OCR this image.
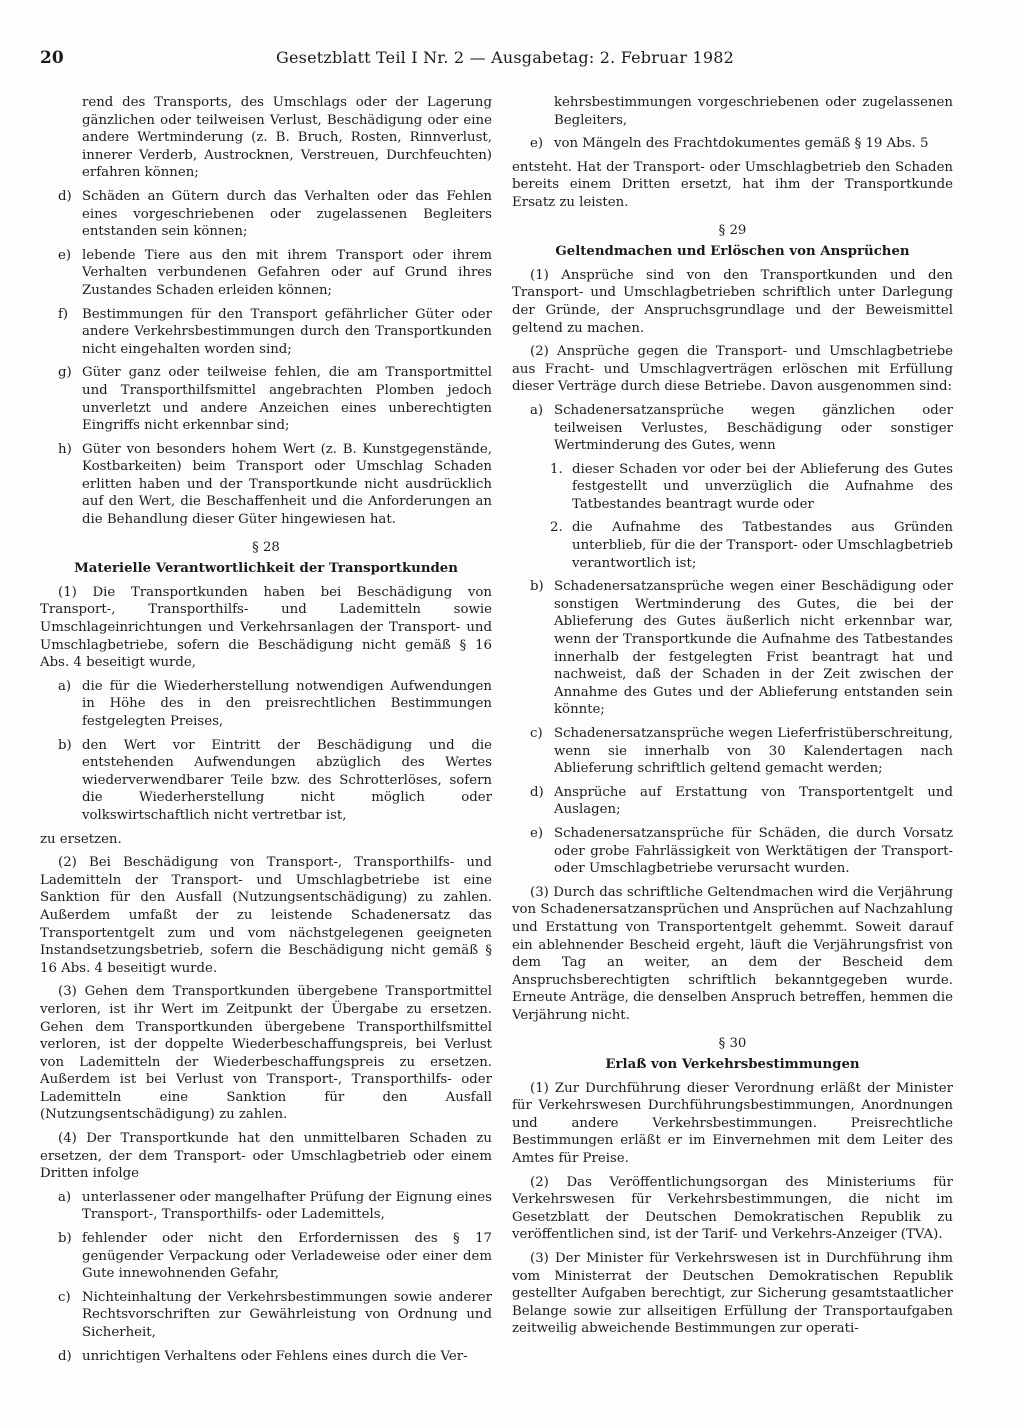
20	Gesetzblatt Teil I Nr. 2 — Ausgabetag: 2. Februar 1982

rend des Transports, des Umschlags oder der Lagerung gänzlichen oder teilweisen Verlust, Beschädigung oder eine andere Wertminderung (z. B. Bruch, Rosten, Rinnverlust, innerer Verderb, Austrocknen, Verstreuen, Durchfeuchten) erfahren können;

d) Schäden an Gütern durch das Verhalten oder das Fehlen eines vorgeschriebenen oder zugelassenen Begleiters entstanden sein können;
e) lebende Tiere aus den mit ihrem Transport oder ihrem Verhalten verbundenen Gefahren oder auf Grund ihres Zustandes Schaden erleiden können;
f) Bestimmungen für den Transport gefährlicher Güter oder andere Verkehrsbestimmungen durch den Transportkunden nicht eingehalten worden sind;
g) Güter ganz oder teilweise fehlen, die am Transportmittel und Transporthilfsmittel angebrachten Plomben jedoch unverletzt und andere Anzeichen eines unberechtigten Eingriffs nicht erkennbar sind;
h) Güter von besonders hohem Wert (z. B. Kunstgegenstände, Kostbarkeiten) beim Transport oder Umschlag Schaden erlitten haben und der Transportkunde nicht ausdrücklich auf den Wert, die Beschaffenheit und die Anforderungen an die Behandlung dieser Güter hingewiesen hat.
§ 28
Materielle Verantwortlichkeit der Transportkunden

(1) Die Transportkunden haben bei Beschädigung von Transport-, Transporthilfs- und Lademitteln sowie Umschlageinrichtungen und Verkehrsanlagen der Transport- und Umschlagbetriebe, sofern die Beschädigung nicht gemäß § 16 Abs. 4 beseitigt wurde,

a) die für die Wiederherstellung notwendigen Aufwendungen in Höhe des in den preisrechtlichen Bestimmungen festgelegten Preises,
b) den Wert vor Eintritt der Beschädigung und die entstehenden Aufwendungen abzüglich des Wertes wiederverwendbarer Teile bzw. des Schrotterlöses, sofern die Wiederherstellung nicht möglich oder volkswirtschaftlich nicht vertretbar ist,

zu ersetzen.

(2) Bei Beschädigung von Transport-, Transporthilfs- und Lademitteln der Transport- und Umschlagbetriebe ist eine Sanktion für den Ausfall (Nutzungsentschädigung) zu zahlen. Außerdem umfaßt der zu leistende Schadenersatz das Transportentgelt zum und vom nächstgelegenen geeigneten Instandsetzungsbetrieb, sofern die Beschädigung nicht gemäß § 16 Abs. 4 beseitigt wurde.

(3) Gehen dem Transportkunden übergebene Transportmittel verloren, ist ihr Wert im Zeitpunkt der Übergabe zu ersetzen. Gehen dem Transportkunden übergebene Transporthilfsmittel verloren, ist der doppelte Wiederbeschaffungspreis, bei Verlust von Lademitteln der Wiederbeschaffungspreis zu ersetzen. Außerdem ist bei Verlust von Transport-, Transporthilfs- oder Lademitteln eine Sanktion für den Ausfall (Nutzungsentschädigung) zu zahlen.

(4) Der Transportkunde hat den unmittelbaren Schaden zu ersetzen, der dem Transport- oder Umschlagbetrieb oder einem Dritten infolge

a) unterlassener oder mangelhafter Prüfung der Eignung eines Transport-, Transporthilfs- oder Lademittels,
b) fehlender oder nicht den Erfordernissen des § 17 genügender Verpackung oder Verladeweise oder einer dem Gute innewohnenden Gefahr,
c) Nichteinhaltung der Verkehrsbestimmungen sowie anderer Rechtsvorschriften zur Gewährleistung von Ordnung und Sicherheit,
d) unrichtigen Verhaltens oder Fehlens eines durch die Ver-

kehrsbestimmungen vorgeschriebenen oder zugelassenen Begleiters,

e) von Mängeln des Frachtdokumentes gemäß § 19 Abs. 5

entsteht. Hat der Transport- oder Umschlagbetrieb den Schaden bereits einem Dritten ersetzt, hat ihm der Transportkunde Ersatz zu leisten.

§ 29
Geltendmachen und Erlöschen von Ansprüchen

(1) Ansprüche sind von den Transportkunden und den Transport- und Umschlagbetrieben schriftlich unter Darlegung der Gründe, der Anspruchsgrundlage und der Beweismittel geltend zu machen.

(2) Ansprüche gegen die Transport- und Umschlagbetriebe aus Fracht- und Umschlagverträgen erlöschen mit Erfüllung dieser Verträge durch diese Betriebe. Davon ausgenommen sind:

a) Schadenersatzansprüche wegen gänzlichen oder teilweisen Verlustes, Beschädigung oder sonstiger Wertminderung des Gutes, wenn
1. dieser Schaden vor oder bei der Ablieferung des Gutes festgestellt und unverzüglich die Aufnahme des Tatbestandes beantragt wurde oder
2. die Aufnahme des Tatbestandes aus Gründen unterblieb, für die der Transport- oder Umschlagbetrieb verantwortlich ist;
b) Schadenersatzansprüche wegen einer Beschädigung oder sonstigen Wertminderung des Gutes, die bei der Ablieferung des Gutes äußerlich nicht erkennbar war, wenn der Transportkunde die Aufnahme des Tatbestandes innerhalb der festgelegten Frist beantragt hat und nachweist, daß der Schaden in der Zeit zwischen der Annahme des Gutes und der Ablieferung entstanden sein könnte;
c) Schadenersatzansprüche wegen Lieferfristüberschreitung, wenn sie innerhalb von 30 Kalendertagen nach Ablieferung schriftlich geltend gemacht werden;
d) Ansprüche auf Erstattung von Transportentgelt und Auslagen;
e) Schadenersatzansprüche für Schäden, die durch Vorsatz oder grobe Fahrlässigkeit von Werktätigen der Transport- oder Umschlagbetriebe verursacht wurden.

(3) Durch das schriftliche Geltendmachen wird die Verjährung von Schadenersatzansprüchen und Ansprüchen auf Nachzahlung und Erstattung von Transportentgelt gehemmt. Soweit darauf ein ablehnender Bescheid ergeht, läuft die Verjährungsfrist von dem Tag an weiter, an dem der Bescheid dem Anspruchsberechtigten schriftlich bekanntgegeben wurde. Erneute Anträge, die denselben Anspruch betreffen, hemmen die Verjährung nicht.

§ 30
Erlaß von Verkehrsbestimmungen

(1) Zur Durchführung dieser Verordnung erläßt der Minister für Verkehrswesen Durchführungsbestimmungen, Anordnungen und andere Verkehrsbestimmungen. Preisrechtliche Bestimmungen erläßt er im Einvernehmen mit dem Leiter des Amtes für Preise.

(2) Das Veröffentlichungsorgan des Ministeriums für Verkehrswesen für Verkehrsbestimmungen, die nicht im Gesetzblatt der Deutschen Demokratischen Republik zu veröffentlichen sind, ist der Tarif- und Verkehrs-Anzeiger (TVA).

(3) Der Minister für Verkehrswesen ist in Durchführung ihm vom Ministerrat der Deutschen Demokratischen Republik gestellter Aufgaben berechtigt, zur Sicherung gesamtstaatlicher Belange sowie zur allseitigen Erfüllung der Transportaufgaben zeitweilig abweichende Bestimmungen zur operati-
